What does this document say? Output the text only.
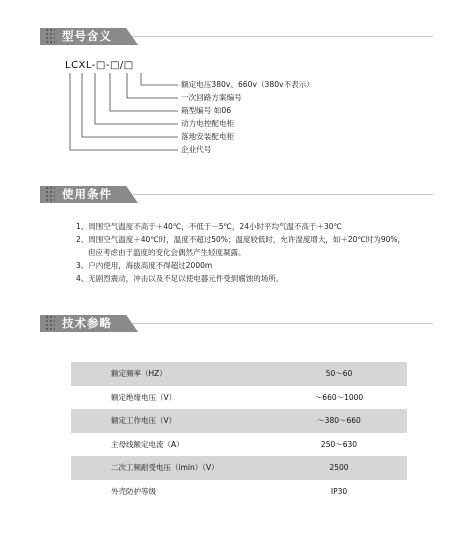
型号含义
LCXL-□-□/□
额定电压380v、660v（380v不表示）
一次回路方案编号
箱型编号 如06
动力电控配电柜
落地安装配电柜
企业代号
使用条件
1、周围空气温度不高于＋40℃，不低于－5℃，24小时平均气温不高于＋30℃
2、周围空气温度＋40℃时，温度不超过50%；温度较低时，允许湿度增大，如＋20℃时为90%，
但应考虑由于温度的变化会偶然产生轻度凝露。
3、户内使用，海拔高度不得超过2000m
4、无剧烈震动，冲击以及不足以使电器元件受到腐蚀的场所。
技术参略
额定频率（HZ）	50～60
额定绝缘电压（V）	～660～1000
额定工作电压（V）	～380～660
主母线额定电流（A）	250～630
二次工频耐受电压（imin）（V）	2500
外壳防护等级	IP30
